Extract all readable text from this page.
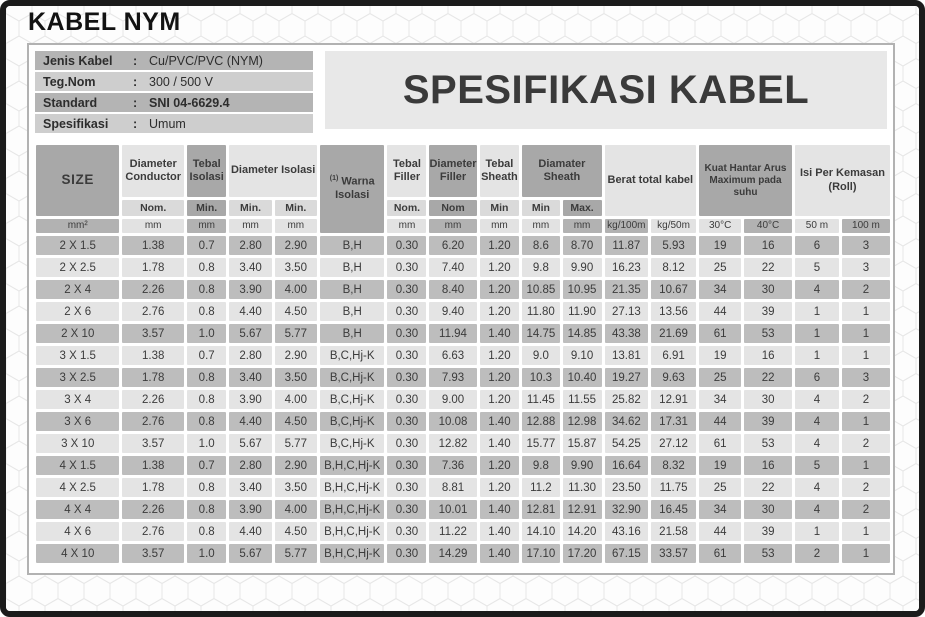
KABEL NYM
Jenis Kabel	: Cu/PVC/PVC (NYM)
Teg.Nom	: 300 / 500 V
Standard	: SNI 04-6629.4
Spesifikasi	: Umum
SPESIFIKASI KABEL
SIZE	Diameter Conductor	Tebal Isolasi	Diameter Isolasi		$^{(1)}$ Warna Isolasi	Tebal Filler	Diameter Filler	Tebal Sheath	Diamater Sheath		Berat total kabel		Kuat Hantar Arus Maximum pada suhu		Isi Per Kemasan (Roll)	
	Nom.	Min.	Min.	Min.		Nom.	Nom	Min	Min	Max.						
mm²	mm	mm	mm	mm		mm	mm	mm	mm	mm	kg/100m	kg/50m	30°C	40°C	50 m	100 m
2 X 1.5	1.38	0.7	2.80	2.90	B,H	0.30	6.20	1.20	8.6	8.70	11.87	5.93	19	16	6	3
2 X 2.5	1.78	0.8	3.40	3.50	B,H	0.30	7.40	1.20	9.8	9.90	16.23	8.12	25	22	5	3
2 X 4	2.26	0.8	3.90	4.00	B,H	0.30	8.40	1.20	10.85	10.95	21.35	10.67	34	30	4	2
2 X 6	2.76	0.8	4.40	4.50	B,H	0.30	9.40	1.20	11.80	11.90	27.13	13.56	44	39	1	1
2 X 10	3.57	1.0	5.67	5.77	B,H	0.30	11.94	1.40	14.75	14.85	43.38	21.69	61	53	1	1
3 X 1.5	1.38	0.7	2.80	2.90	B,C,Hj-K	0.30	6.63	1.20	9.0	9.10	13.81	6.91	19	16	1	1
3 X 2.5	1.78	0.8	3.40	3.50	B,C,Hj-K	0.30	7.93	1.20	10.3	10.40	19.27	9.63	25	22	6	3
3 X 4	2.26	0.8	3.90	4.00	B,C,Hj-K	0.30	9.00	1.20	11.45	11.55	25.82	12.91	34	30	4	2
3 X 6	2.76	0.8	4.40	4.50	B,C,Hj-K	0.30	10.08	1.40	12.88	12.98	34.62	17.31	44	39	4	1
3 X 10	3.57	1.0	5.67	5.77	B,C,Hj-K	0.30	12.82	1.40	15.77	15.87	54.25	27.12	61	53	4	2
4 X 1.5	1.38	0.7	2.80	2.90	B,H,C,Hj-K	0.30	7.36	1.20	9.8	9.90	16.64	8.32	19	16	5	1
4 X 2.5	1.78	0.8	3.40	3.50	B,H,C,Hj-K	0.30	8.81	1.20	11.2	11.30	23.50	11.75	25	22	4	2
4 X 4	2.26	0.8	3.90	4.00	B,H,C,Hj-K	0.30	10.01	1.40	12.81	12.91	32.90	16.45	34	30	4	2
4 X 6	2.76	0.8	4.40	4.50	B,H,C,Hj-K	0.30	11.22	1.40	14.10	14.20	43.16	21.58	44	39	1	1
4 X 10	3.57	1.0	5.67	5.77	B,H,C,Hj-K	0.30	14.29	1.40	17.10	17.20	67.15	33.57	61	53	2	1
